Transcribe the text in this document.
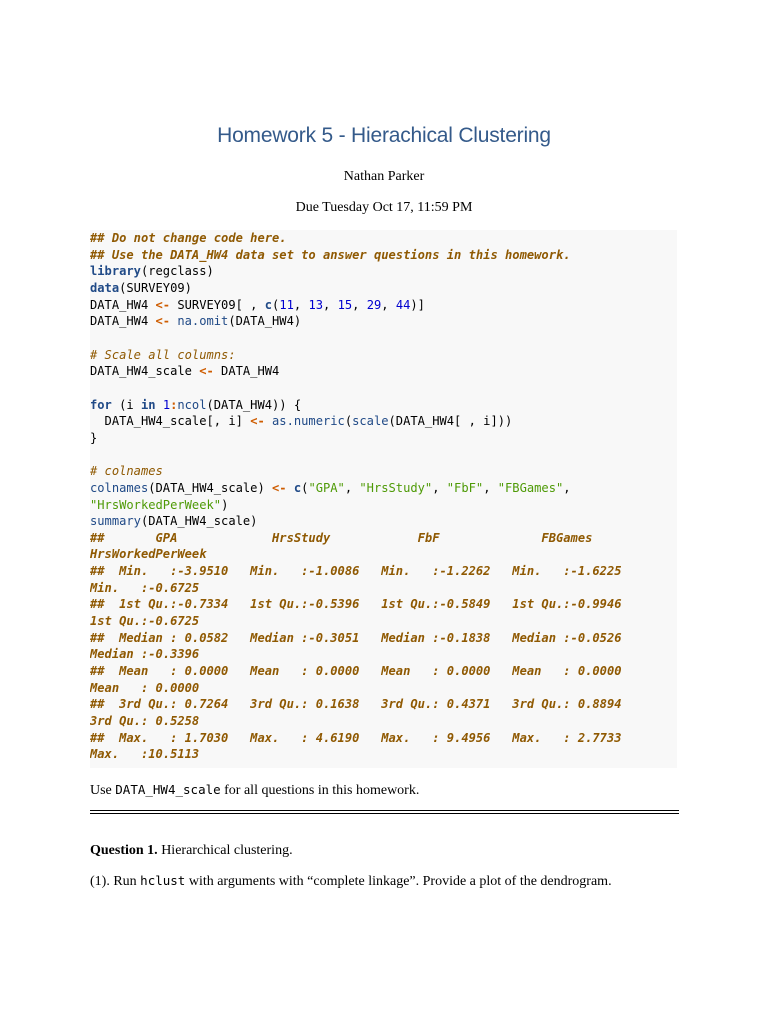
Homework 5 - Hierachical Clustering
Nathan Parker
Due Tuesday Oct 17, 11:59 PM
## Do not change code here.
## Use the DATA_HW4 data set to answer questions in this homework.
library(regclass)
data(SURVEY09)
DATA_HW4 <- SURVEY09[ , c(11, 13, 15, 29, 44)]
DATA_HW4 <- na.omit(DATA_HW4)

# Scale all columns:
DATA_HW4_scale <- DATA_HW4

for (i in 1:ncol(DATA_HW4)) {
DATA_HW4_scale[, i] <- as.numeric(scale(DATA_HW4[ , i]))
}

# colnames
colnames(DATA_HW4_scale) <- c("GPA", "HrsStudy", "FbF", "FBGames",
"HrsWorkedPerWeek")
summary(DATA_HW4_scale)
##       GPA             HrsStudy            FbF              FBGames
HrsWorkedPerWeek
##  Min.   :-3.9510   Min.   :-1.0086   Min.   :-1.2262   Min.   :-1.6225
Min.   :-0.6725
##  1st Qu.:-0.7334   1st Qu.:-0.5396   1st Qu.:-0.5849   1st Qu.:-0.9946
1st Qu.:-0.6725
##  Median : 0.0582   Median :-0.3051   Median :-0.1838   Median :-0.0526
Median :-0.3396
##  Mean   : 0.0000   Mean   : 0.0000   Mean   : 0.0000   Mean   : 0.0000
Mean   : 0.0000
##  3rd Qu.: 0.7264   3rd Qu.: 0.1638   3rd Qu.: 0.4371   3rd Qu.: 0.8894
3rd Qu.: 0.5258
##  Max.   : 1.7030   Max.   : 4.6190   Max.   : 9.4956   Max.   : 2.7733
Max.   :10.5113
Use DATA_HW4_scale for all questions in this homework.
Question 1. Hierarchical clustering.
(1). Run hclust with arguments with “complete linkage”. Provide a plot of the dendrogram.
